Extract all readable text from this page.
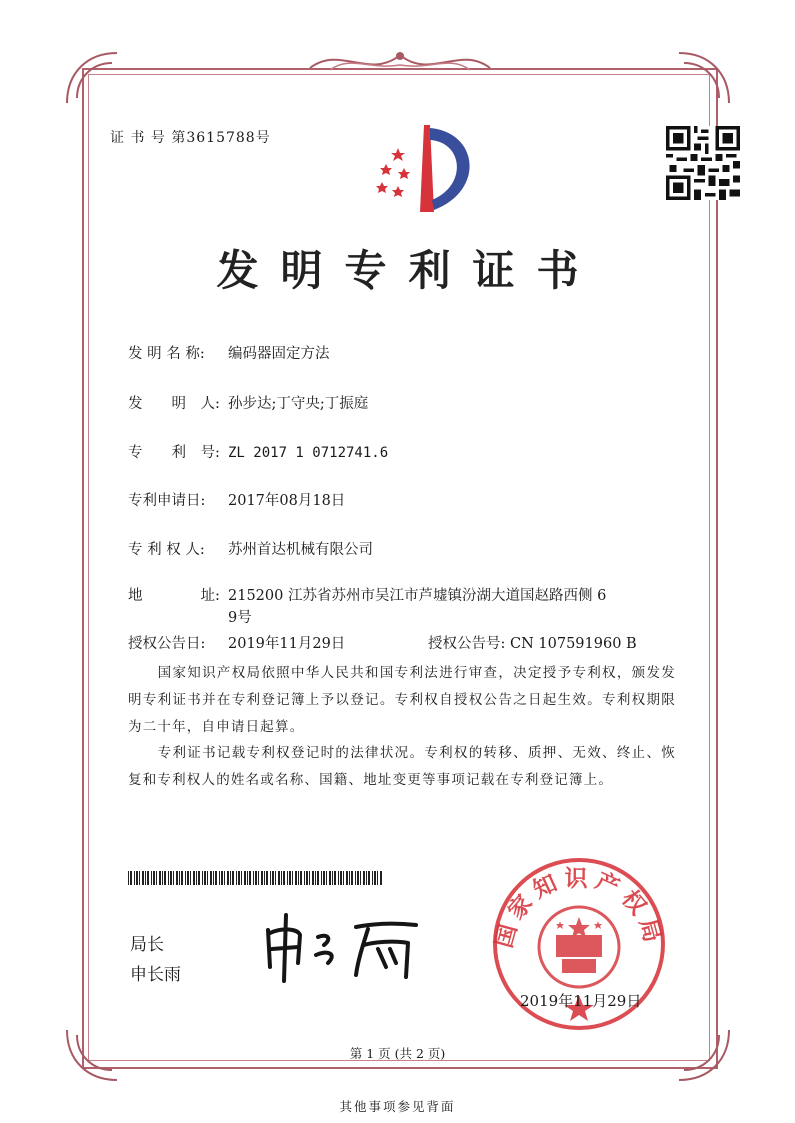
证 书 号 第3615788号
发明专利证书
发 明 名 称: 编码器固定方法
发　　明　人: 孙步达;丁守央;丁振庭
专　　利　号: ZL 2017 1 0712741.6
专利申请日: 2017年08月18日
专 利 权 人: 苏州首达机械有限公司
地　　　　址: 215200 江苏省苏州市吴江市芦墟镇汾湖大道国赵路西侧 6
9号
授权公告日: 2019年11月29日	授权公告号: CN 107591960 B
　　国家知识产权局依照中华人民共和国专利法进行审查，决定授予专利权，颁发发明专利证书并在专利登记簿上予以登记。专利权自授权公告之日起生效。专利权期限为二十年，自申请日起算。
　　专利证书记载专利权登记时的法律状况。专利权的转移、质押、无效、终止、恢复和专利权人的姓名或名称、国籍、地址变更等事项记载在专利登记簿上。
局长
申长雨
国家知识产权局
2019年11月29日
第 1 页 (共 2 页)
其他事项参见背面
